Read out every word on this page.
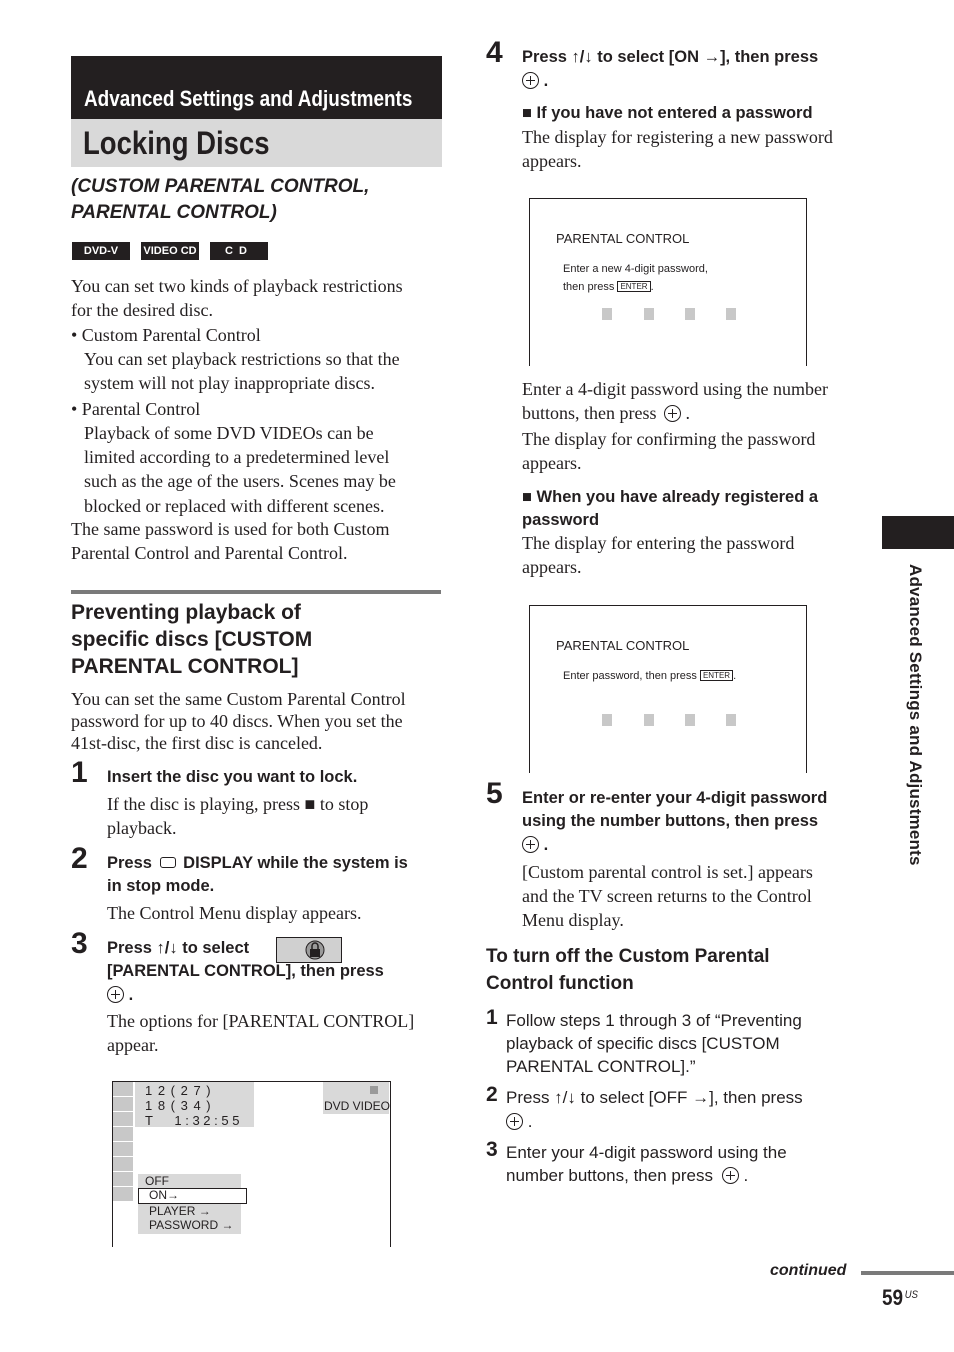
Advanced Settings and Adjustments
Locking Discs
(CUSTOM PARENTAL CONTROL,
PARENTAL CONTROL)
DVD-V	VIDEO CD	CD
You can set two kinds of playback restrictions
for the desired disc.
• Custom Parental Control
You can set playback restrictions so that the
system will not play inappropriate discs.
• Parental Control
Playback of some DVD VIDEOs can be
limited according to a predetermined level
such as the age of the users. Scenes may be
blocked or replaced with different scenes.
The same password is used for both Custom
Parental Control and Parental Control.
Preventing playback of
specific discs [CUSTOM
PARENTAL CONTROL]
You can set the same Custom Parental Control
password for up to 40 discs. When you set the
41st-disc, the first disc is canceled.
1 Insert the disc you want to lock.
If the disc is playing, press ■ to stop
playback.
2 Press DISPLAY while the system is
in stop mode.
The Control Menu display appears.
3 Press ↑/↓ to select
[PARENTAL CONTROL], then press
.
The options for [PARENTAL CONTROL]
appear.
1 2 ( 2 7 )
1 8 ( 3 4 )
T      1 : 3 2 : 5 5
DVD VIDEO
OFF
ON→
PLAYER →
PASSWORD →
4 Press ↑/↓ to select [ON →], then press
.
■ If you have not entered a password
The display for registering a new password
appears.
PARENTAL CONTROL
Enter a new 4-digit password,
then press ENTER .
Enter a 4-digit password using the number
buttons, then press .
The display for confirming the password
appears.
■ When you have already registered a
password
The display for entering the password
appears.
PARENTAL CONTROL
Enter password, then press ENTER .
5 Enter or re-enter your 4-digit password
using the number buttons, then press
.
[Custom parental control is set.] appears
and the TV screen returns to the Control
Menu display.
To turn off the Custom Parental
Control function
1 Follow steps 1 through 3 of “Preventing
playback of specific discs [CUSTOM
PARENTAL CONTROL].”
2 Press ↑/↓ to select [OFF →], then press
.
3 Enter your 4-digit password using the
number buttons, then press .
Advanced Settings and Adjustments
continued
59 $^{US}$
